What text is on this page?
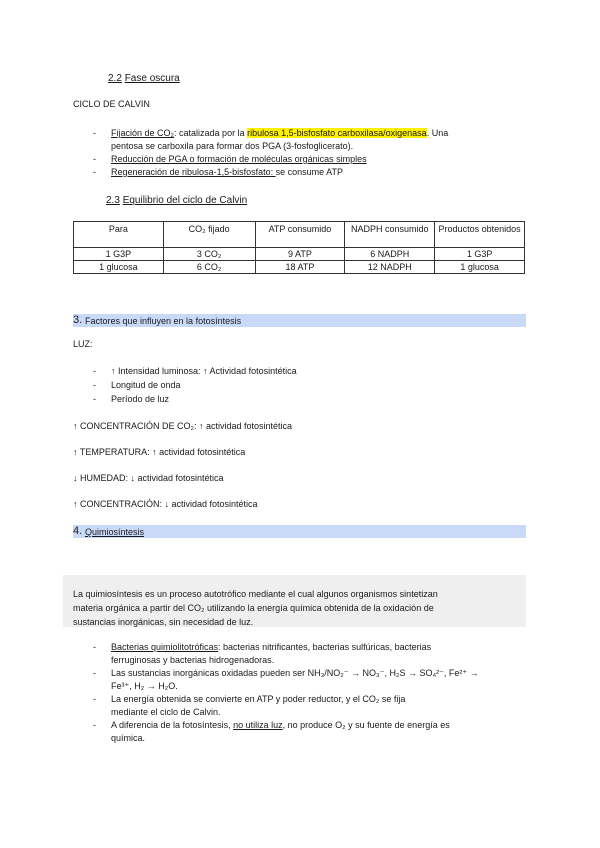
2.2 Fase oscura
CICLO DE CALVIN
- Fijación de CO₂: catalizada por la ribulosa 1,5-bisfosfato carboxilasa/oxigenasa. Una
pentosa se carboxila para formar dos PGA (3-fosfoglicerato).
- Reducción de PGA o formación de moléculas orgánicas simples
- Regeneración de ribulosa-1,5-bisfosfato: se consume ATP
2.3 Equilibrio del ciclo de Calvin
Para	CO₂ fijado	ATP consumido	NADPH consumido	Productos obtenidos
1 G3P	3 CO₂	9 ATP	6 NADPH	1 G3P
1 glucosa	6 CO₂	18 ATP	12 NADPH	1 glucosa
3. Factores que influyen en la fotosíntesis
LUZ:
- ↑ Intensidad luminosa: ↑ Actividad fotosintética
- Longitud de onda
- Período de luz
↑ CONCENTRACIÓN DE CO₂: ↑ actividad fotosintética
↑ TEMPERATURA: ↑ actividad fotosintética
↓ HUMEDAD: ↓ actividad fotosintética
↑ CONCENTRACIÓN: ↓ actividad fotosintética
4. Quimiosíntesis
La quimiosíntesis es un proceso autotrófico mediante el cual algunos organismos sintetizan
materia orgánica a partir del CO₂ utilizando la energía química obtenida de la oxidación de
sustancias inorgánicas, sin necesidad de luz.
- Bacterias quimiolitotróficas: bacterias nitrificantes, bacterias sulfúricas, bacterias
ferruginosas y bacterias hidrogenadoras.
- Las sustancias inorgánicas oxidadas pueden ser NH₃/NO₂⁻ → NO₃⁻, H₂S → SO₄²⁻, Fe²⁺ →
Fe³⁺, H₂ → H₂O.
- La energía obtenida se convierte en ATP y poder reductor, y el CO₂ se fija
mediante el ciclo de Calvin.
- A diferencia de la fotosíntesis, no utiliza luz, no produce O₂ y su fuente de energía es
química.
